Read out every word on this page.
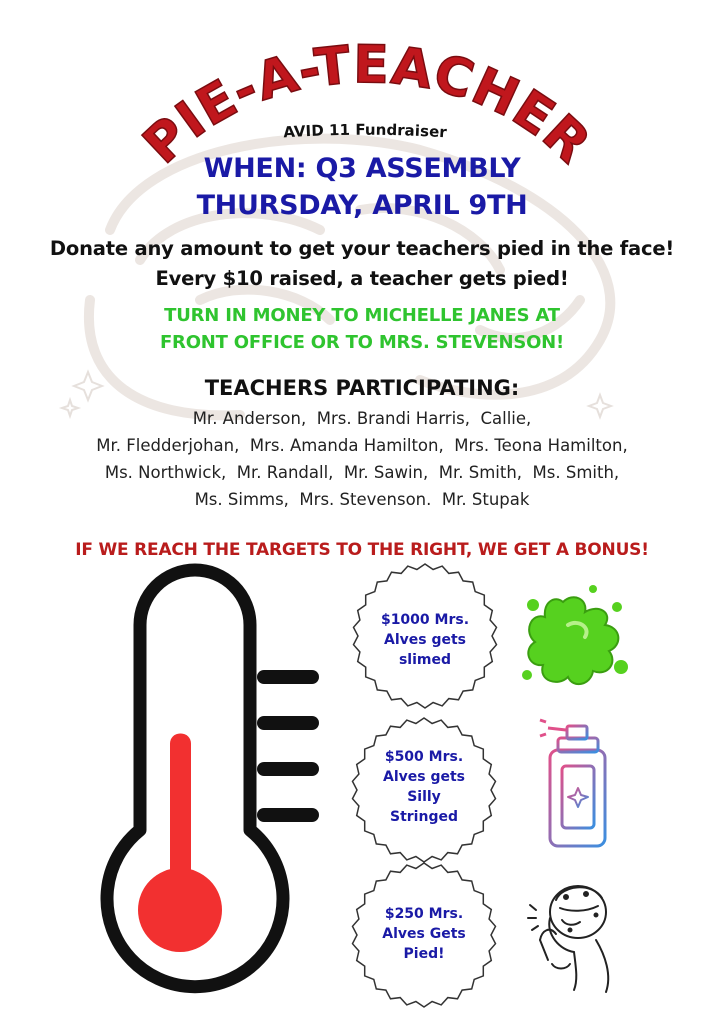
PIE-A-TEACHER
AVID 11 Fundraiser
WHEN: Q3 ASSEMBLY
THURSDAY, APRIL 9TH
Donate any amount to get your teachers pied in the face!
Every $10 raised, a teacher gets pied!
TURN IN MONEY TO MICHELLE JANES AT
FRONT OFFICE OR TO MRS. STEVENSON!
TEACHERS PARTICIPATING:
Mr. Anderson,  Mrs. Brandi Harris,  Callie,
Mr. Fledderjohan,  Mrs. Amanda Hamilton,  Mrs. Teona Hamilton,
Ms. Northwick,  Mr. Randall,  Mr. Sawin,  Mr. Smith,  Ms. Smith,
Ms. Simms,  Mrs. Stevenson.  Mr. Stupak
IF WE REACH THE TARGETS TO THE RIGHT, WE GET A BONUS!
$1000 Mrs.
Alves gets
slimed
$500 Mrs.
Alves gets
Silly
Stringed
$250 Mrs.
Alves Gets
Pied!
